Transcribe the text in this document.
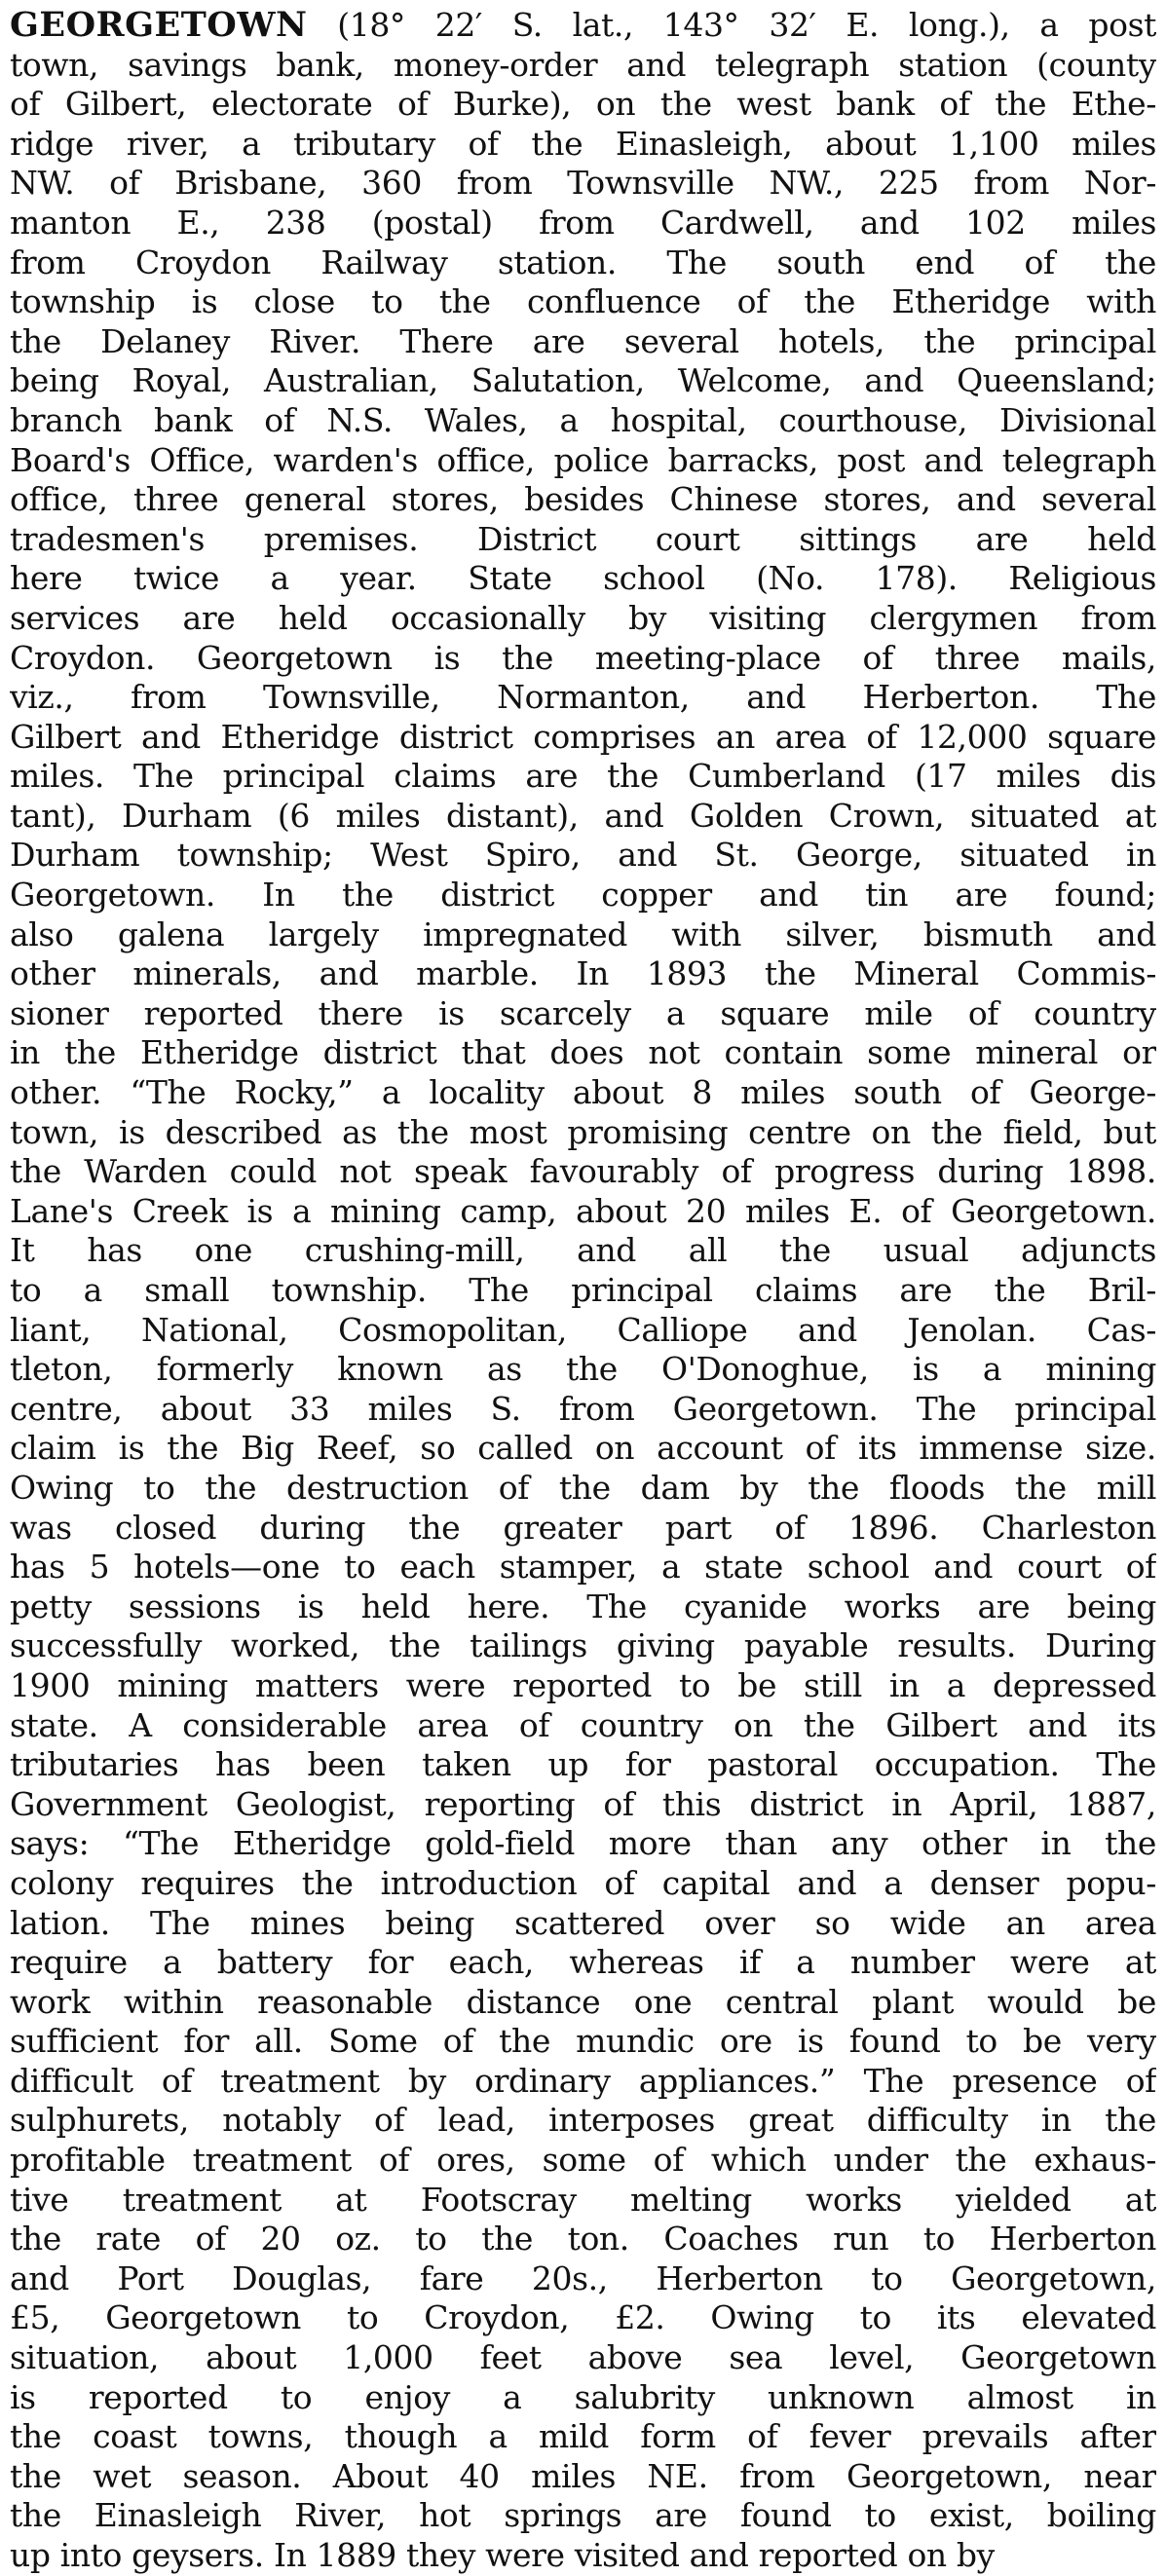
GEORGETOWN (18° 22′ S. lat., 143° 32′ E. long.), a post
town, savings bank, money-order and telegraph station (county
of Gilbert, electorate of Burke), on the west bank of the Ethe-
ridge river, a tributary of the Einasleigh, about 1,100 miles
NW. of Brisbane, 360 from Townsville NW., 225 from Nor-
manton E., 238 (postal) from Cardwell, and 102 miles
from Croydon Railway station. The south end of the
township is close to the confluence of the Etheridge with
the Delaney River. There are several hotels, the principal
being Royal, Australian, Salutation, Welcome, and Queensland;
branch bank of N.S. Wales, a hospital, courthouse, Divisional
Board's Office, warden's office, police barracks, post and telegraph
office, three general stores, besides Chinese stores, and several
tradesmen's premises. District court sittings are held
here twice a year. State school (No. 178). Religious
services are held occasionally by visiting clergymen from
Croydon. Georgetown is the meeting-place of three mails,
viz., from Townsville, Normanton, and Herberton. The
Gilbert and Etheridge district comprises an area of 12,000 square
miles. The principal claims are the Cumberland (17 miles dis
tant), Durham (6 miles distant), and Golden Crown, situated at
Durham township; West Spiro, and St. George, situated in
Georgetown. In the district copper and tin are found;
also galena largely impregnated with silver, bismuth and
other minerals, and marble. In 1893 the Mineral Commis-
sioner reported there is scarcely a square mile of country
in the Etheridge district that does not contain some mineral or
other. “The Rocky,” a locality about 8 miles south of George-
town, is described as the most promising centre on the field, but
the Warden could not speak favourably of progress during 1898.
Lane's Creek is a mining camp, about 20 miles E. of Georgetown.
It has one crushing-mill, and all the usual adjuncts
to a small township. The principal claims are the Bril-
liant, National, Cosmopolitan, Calliope and Jenolan. Cas-
tleton, formerly known as the O'Donoghue, is a mining
centre, about 33 miles S. from Georgetown. The principal
claim is the Big Reef, so called on account of its immense size.
Owing to the destruction of the dam by the floods the mill
was closed during the greater part of 1896. Charleston
has 5 hotels—one to each stamper, a state school and court of
petty sessions is held here. The cyanide works are being
successfully worked, the tailings giving payable results. During
1900 mining matters were reported to be still in a depressed
state. A considerable area of country on the Gilbert and its
tributaries has been taken up for pastoral occupation. The
Government Geologist, reporting of this district in April, 1887,
says: “The Etheridge gold-field more than any other in the
colony requires the introduction of capital and a denser popu-
lation. The mines being scattered over so wide an area
require a battery for each, whereas if a number were at
work within reasonable distance one central plant would be
sufficient for all. Some of the mundic ore is found to be very
difficult of treatment by ordinary appliances.” The presence of
sulphurets, notably of lead, interposes great difficulty in the
profitable treatment of ores, some of which under the exhaus-
tive treatment at Footscray melting works yielded at
the rate of 20 oz. to the ton. Coaches run to Herberton
and Port Douglas, fare 20s., Herberton to Georgetown,
£5, Georgetown to Croydon, £2. Owing to its elevated
situation, about 1,000 feet above sea level, Georgetown
is reported to enjoy a salubrity unknown almost in
the coast towns, though a mild form of fever prevails after
the wet season. About 40 miles NE. from Georgetown, near
the Einasleigh River, hot springs are found to exist, boiling
up into geysers. In 1889 they were visited and reported on by
